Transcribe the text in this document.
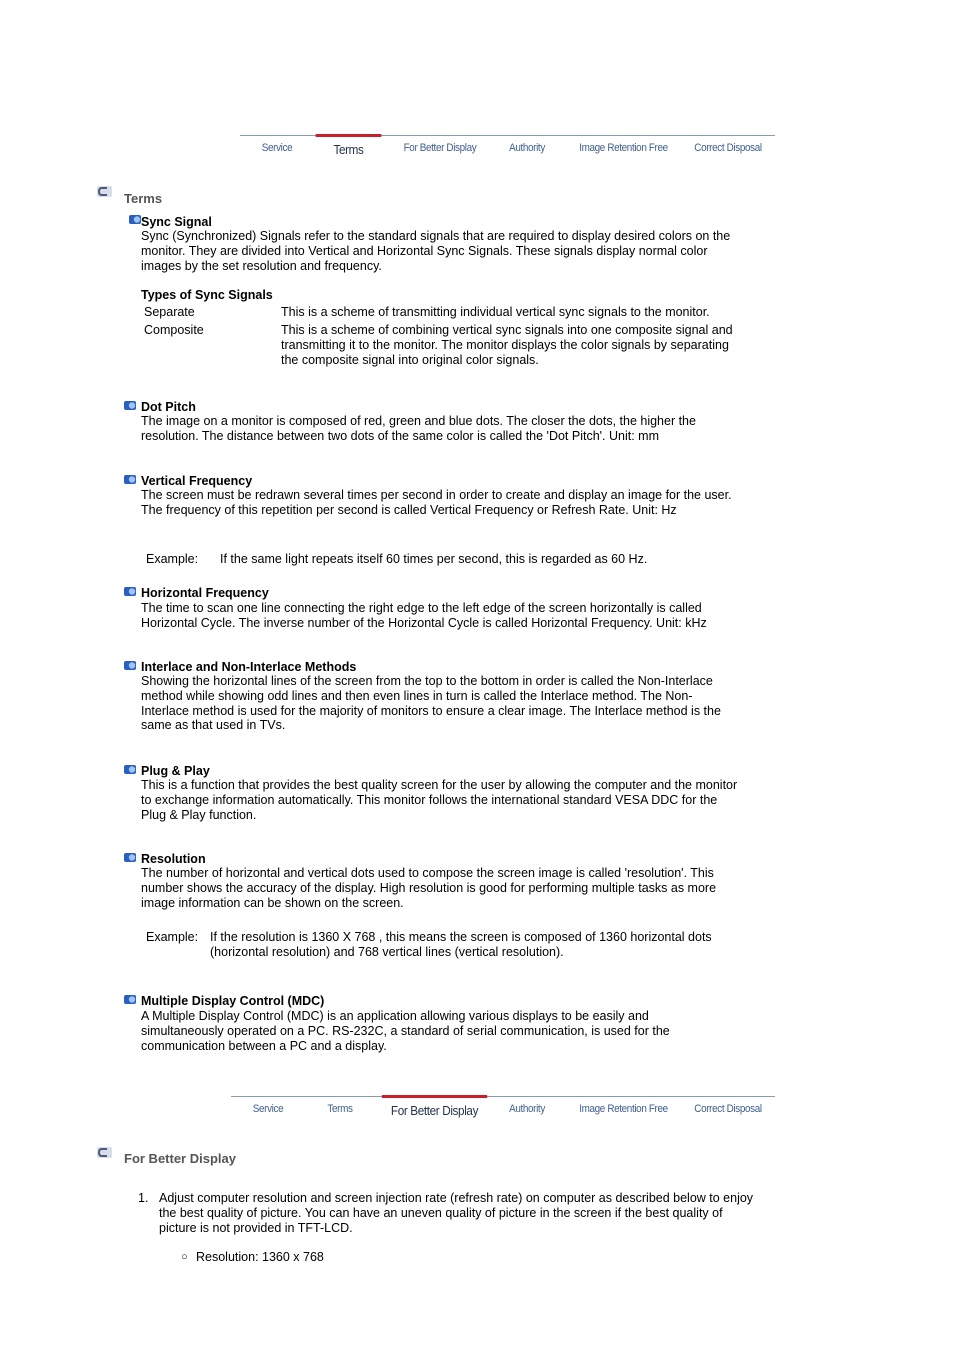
Service	Terms	For Better Display	Authority	Image Retention Free	Correct Disposal
Terms
Sync Signal
Sync (Synchronized) Signals refer to the standard signals that are required to display desired colors on the monitor. They are divided into Vertical and Horizontal Sync Signals. These signals display normal color images by the set resolution and frequency.
Types of Sync Signals
Separate	This is a scheme of transmitting individual vertical sync signals to the monitor.
Composite	This is a scheme of combining vertical sync signals into one composite signal and transmitting it to the monitor. The monitor displays the color signals by separating the composite signal into original color signals.
Dot Pitch
The image on a monitor is composed of red, green and blue dots. The closer the dots, the higher the resolution. The distance between two dots of the same color is called the 'Dot Pitch'. Unit: mm
Vertical Frequency
The screen must be redrawn several times per second in order to create and display an image for the user. The frequency of this repetition per second is called Vertical Frequency or Refresh Rate. Unit: Hz
Example: If the same light repeats itself 60 times per second, this is regarded as 60 Hz.
Horizontal Frequency
The time to scan one line connecting the right edge to the left edge of the screen horizontally is called Horizontal Cycle. The inverse number of the Horizontal Cycle is called Horizontal Frequency. Unit: kHz
Interlace and Non-Interlace Methods
Showing the horizontal lines of the screen from the top to the bottom in order is called the Non-Interlace method while showing odd lines and then even lines in turn is called the Interlace method. The Non-Interlace method is used for the majority of monitors to ensure a clear image. The Interlace method is the same as that used in TVs.
Plug & Play
This is a function that provides the best quality screen for the user by allowing the computer and the monitor to exchange information automatically. This monitor follows the international standard VESA DDC for the Plug & Play function.
Resolution
The number of horizontal and vertical dots used to compose the screen image is called 'resolution'. This number shows the accuracy of the display. High resolution is good for performing multiple tasks as more image information can be shown on the screen.
Example: If the resolution is 1360 X 768 , this means the screen is composed of 1360 horizontal dots (horizontal resolution) and 768 vertical lines (vertical resolution).
Multiple Display Control (MDC)
A Multiple Display Control (MDC) is an application allowing various displays to be easily and simultaneously operated on a PC. RS-232C, a standard of serial communication, is used for the communication between a PC and a display.
Service	Terms	For Better Display	Authority	Image Retention Free	Correct Disposal
For Better Display
1. Adjust computer resolution and screen injection rate (refresh rate) on computer as described below to enjoy the best quality of picture. You can have an uneven quality of picture in the screen if the best quality of picture is not provided in TFT-LCD.
○ Resolution: 1360 x 768
